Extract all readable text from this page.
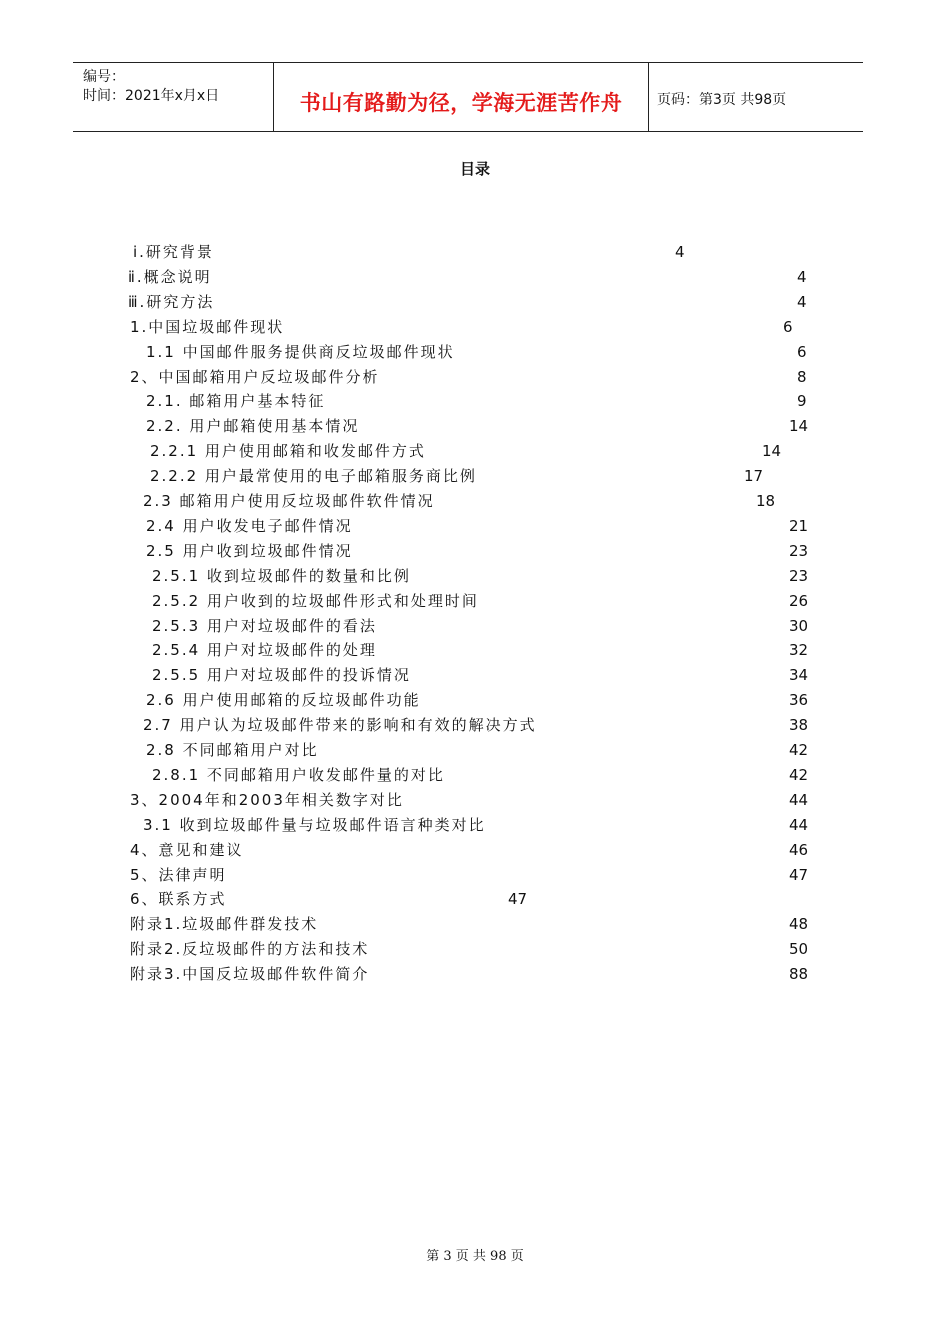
编号：
时间：2021年x月x日	书山有路勤为径，学海无涯苦作舟	页码：第3页 共98页
目录
ⅰ.研究背景	4
ⅱ.概念说明	4
ⅲ.研究方法	4
1.中国垃圾邮件现状	6
1.1 中国邮件服务提供商反垃圾邮件现状	6
2、中国邮箱用户反垃圾邮件分析	8
2.1. 邮箱用户基本特征	9
2.2. 用户邮箱使用基本情况	14
2.2.1 用户使用邮箱和收发邮件方式	14
2.2.2 用户最常使用的电子邮箱服务商比例	17
2.3 邮箱用户使用反垃圾邮件软件情况	18
2.4 用户收发电子邮件情况	21
2.5 用户收到垃圾邮件情况	23
2.5.1 收到垃圾邮件的数量和比例	23
2.5.2 用户收到的垃圾邮件形式和处理时间	26
2.5.3 用户对垃圾邮件的看法	30
2.5.4 用户对垃圾邮件的处理	32
2.5.5 用户对垃圾邮件的投诉情况	34
2.6 用户使用邮箱的反垃圾邮件功能	36
2.7 用户认为垃圾邮件带来的影响和有效的解决方式	38
2.8 不同邮箱用户对比	42
2.8.1 不同邮箱用户收发邮件量的对比	42
3、2004年和2003年相关数字对比	44
3.1 收到垃圾邮件量与垃圾邮件语言种类对比	44
4、意见和建议	46
5、法律声明	47
6、联系方式	47
附录1.垃圾邮件群发技术	48
附录2.反垃圾邮件的方法和技术	50
附录3.中国反垃圾邮件软件简介	88
第 3 页 共 98 页
